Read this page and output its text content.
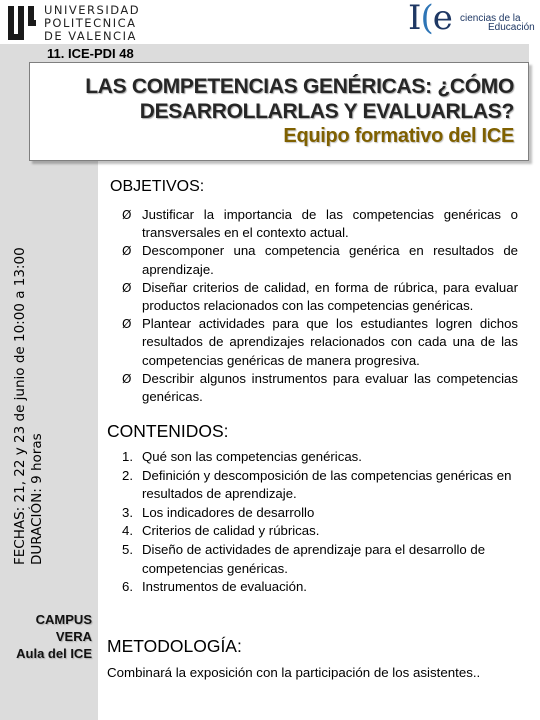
UNIVERSIDAD
POLITECNICA
DE VALENCIA	I(e ciencias de la
Educación
11. ICE-PDI 48
LAS COMPETENCIAS GENÉRICAS: ¿CÓMO
DESARROLLARLAS Y EVALUARLAS?
Equipo formativo del ICE
FECHAS: 21, 22 y 23 de junio de 10:00 a 13:00 DURACIÓN: 9 horas
CAMPUS
VERA
Aula del ICE
OBJETIVOS:
Ø Justificar la importancia de las competencias genéricas o transversales en el contexto actual.
Ø Descomponer una competencia genérica en resultados de aprendizaje.
Ø Diseñar criterios de calidad, en forma de rúbrica, para evaluar productos relacionados con las competencias genéricas.
Ø Plantear actividades para que los estudiantes logren dichos resultados de aprendizajes relacionados con cada una de las competencias genéricas de manera progresiva.
Ø Describir algunos instrumentos para evaluar las competencias genéricas.
CONTENIDOS:
1. Qué son las competencias genéricas.
2. Definición y descomposición de las competencias genéricas en resultados de aprendizaje.
3. Los indicadores de desarrollo
4. Criterios de calidad y rúbricas.
5. Diseño de actividades de aprendizaje para el desarrollo de competencias genéricas.
6. Instrumentos de evaluación.
METODOLOGÍA:
Combinará la exposición con la participación de los asistentes..
